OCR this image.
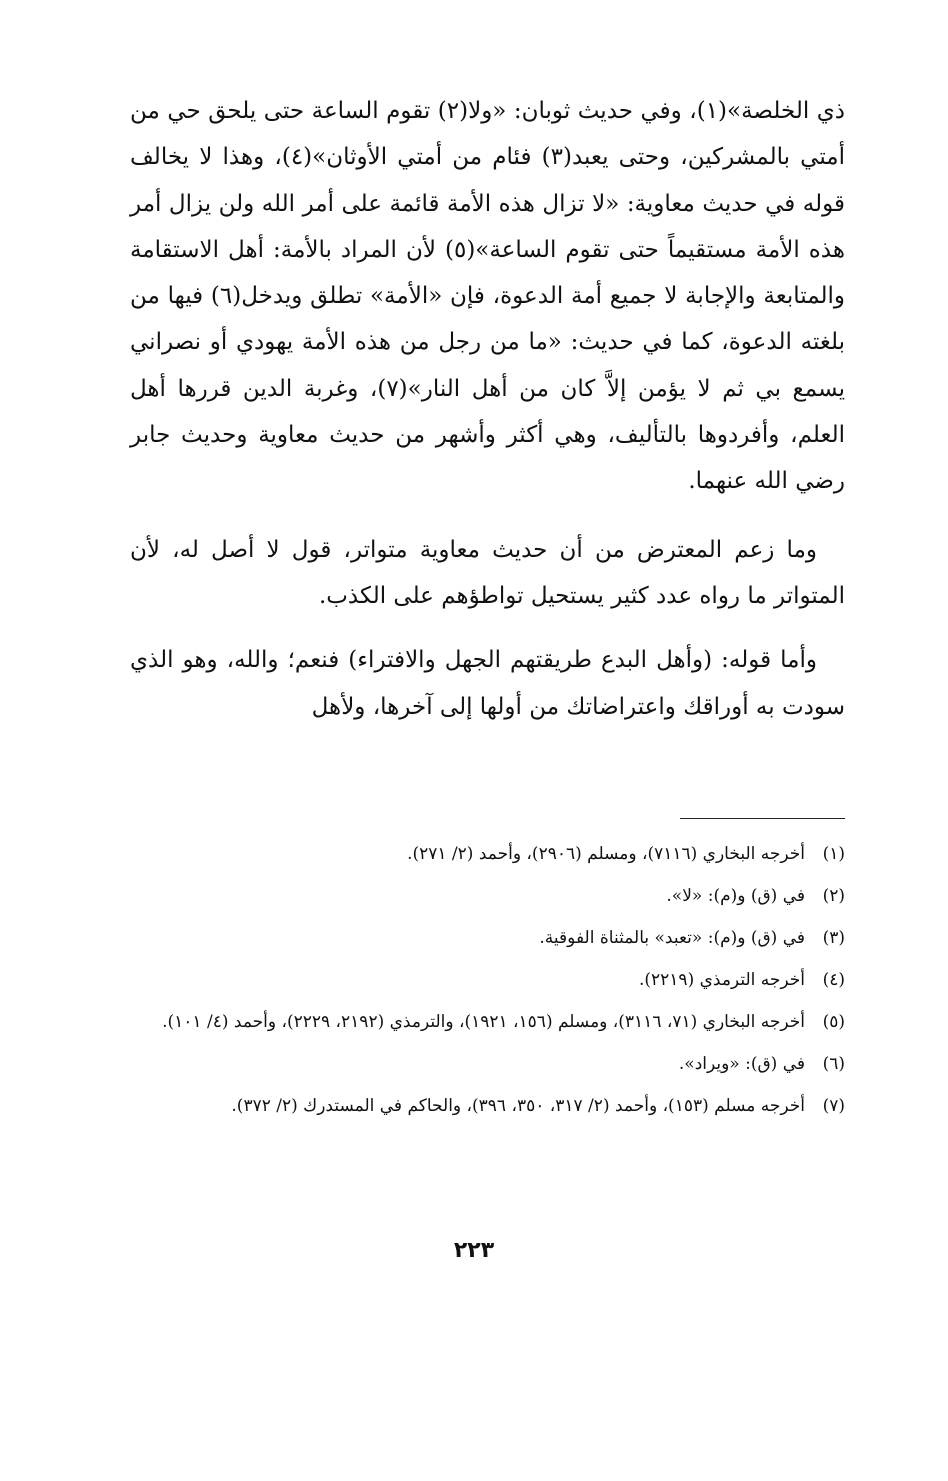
ذي الخلصة»(١)، وفي حديث ثوبان: «ولا(٢) تقوم الساعة حتى يلحق حي من أمتي بالمشركين، وحتى يعبد(٣) فئام من أمتي الأوثان»(٤)، وهذا لا يخالف قوله في حديث معاوية: «لا تزال هذه الأمة قائمة على أمر الله ولن يزال أمر هذه الأمة مستقيماً حتى تقوم الساعة»(٥) لأن المراد بالأمة: أهل الاستقامة والمتابعة والإجابة لا جميع أمة الدعوة، فإن «الأمة» تطلق ويدخل(٦) فيها من بلغته الدعوة، كما في حديث: «ما من رجل من هذه الأمة يهودي أو نصراني يسمع بي ثم لا يؤمن إلاَّ كان من أهل النار»(٧)، وغربة الدين قررها أهل العلم، وأفردوها بالتأليف، وهي أكثر وأشهر من حديث معاوية وحديث جابر رضي الله عنهما.

وما زعم المعترض من أن حديث معاوية متواتر، قول لا أصل له، لأن المتواتر ما رواه عدد كثير يستحيل تواطؤهم على الكذب.

وأما قوله: (وأهل البدع طريقتهم الجهل والافتراء) فنعم؛ والله، وهو الذي سودت به أوراقك واعتراضاتك من أولها إلى آخرها، ولأهل

(١)
أخرجه البخاري (٧١١٦)، ومسلم (٢٩٠٦)، وأحمد (٢/ ٢٧١).
(٢)
في (ق) و(م): «لا».
(٣)
في (ق) و(م): «تعبد» بالمثناة الفوقية.
(٤)
أخرجه الترمذي (٢٢١٩).
(٥)
أخرجه البخاري (٧١، ٣١١٦)، ومسلم (١٥٦، ١٩٢١)، والترمذي (٢١٩٢، ٢٢٢٩)، وأحمد (٤/ ١٠١).
(٦)
في (ق): «ويراد».
(٧)
أخرجه مسلم (١٥٣)، وأحمد (٢/ ٣١٧، ٣٥٠، ٣٩٦)، والحاكم في المستدرك (٢/ ٣٧٢).
٢٢٣
